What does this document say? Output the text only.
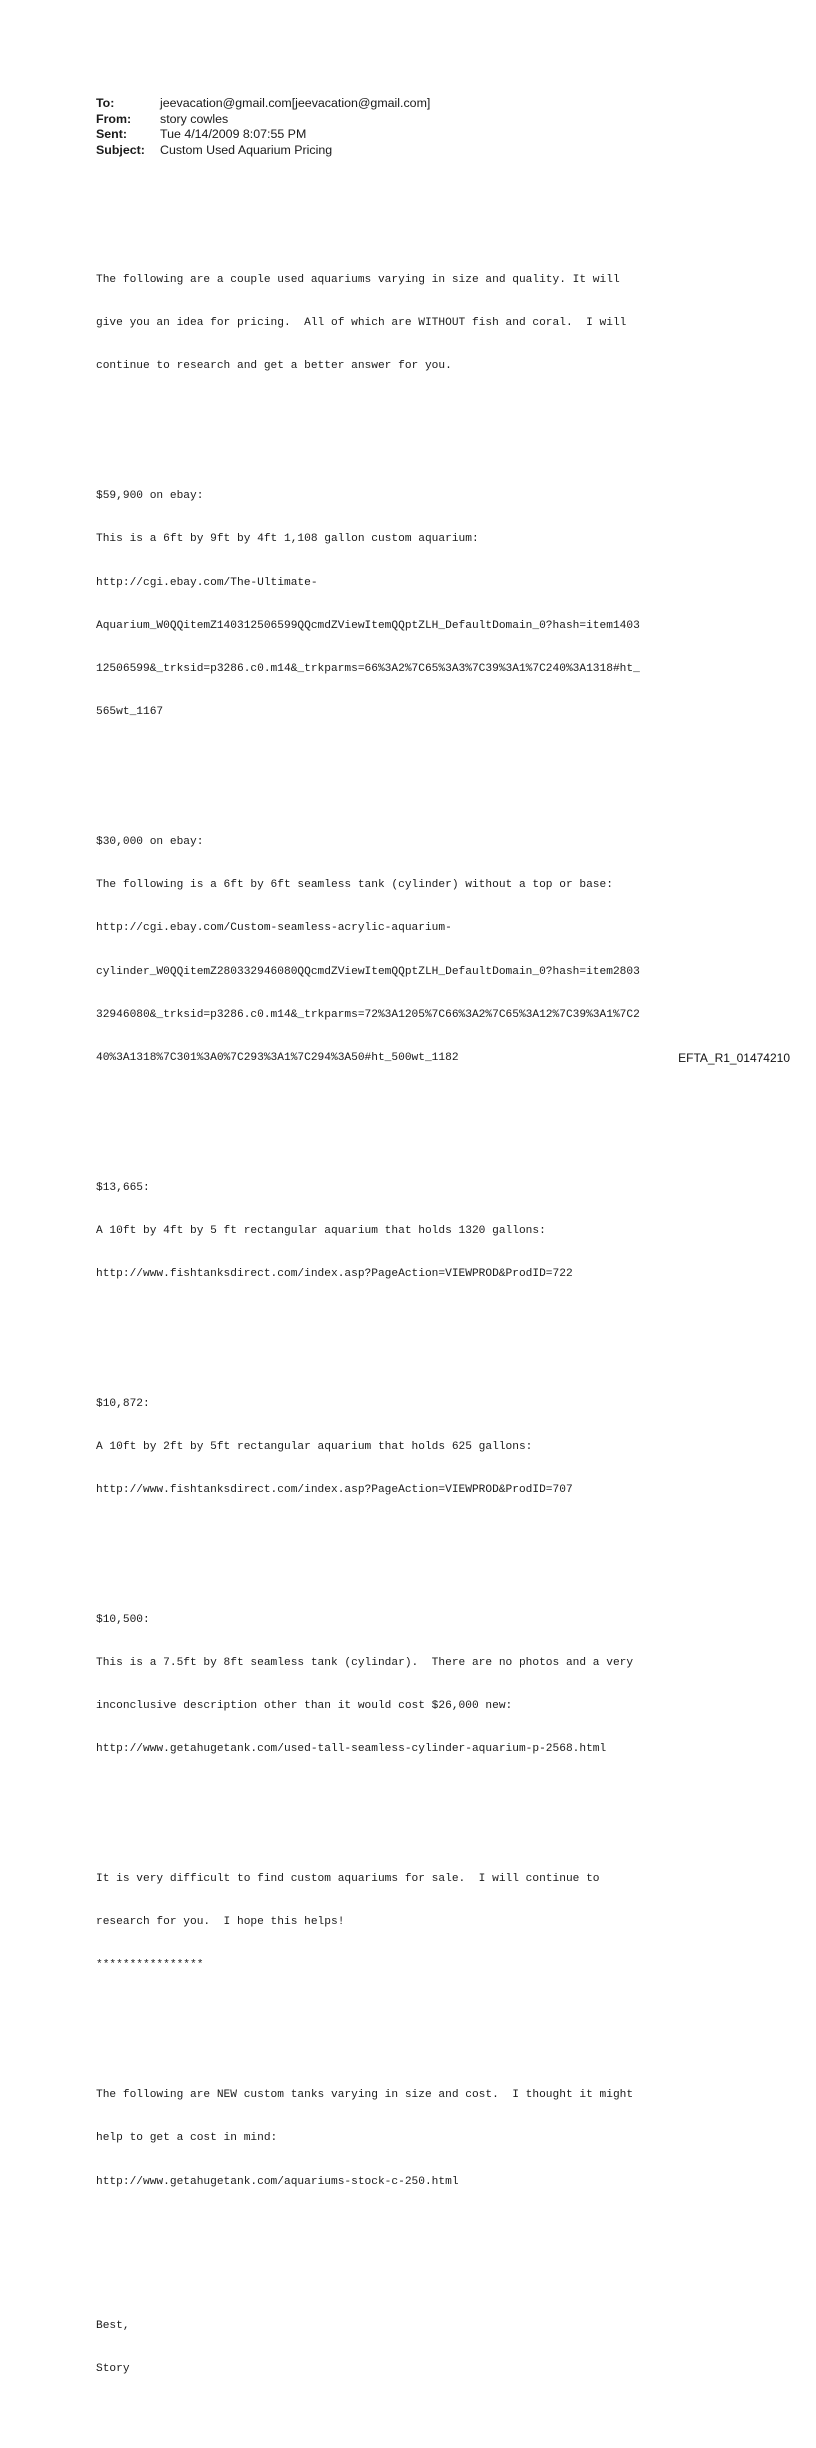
To:	jeevacation@gmail.com[jeevacation@gmail.com]
From:	story cowles
Sent:	Tue 4/14/2009 8:07:55 PM
Subject:	Custom Used Aquarium Pricing

The following are a couple used aquariums varying in size and quality. It will

give you an idea for pricing.  All of which are WITHOUT fish and coral.  I will

continue to research and get a better answer for you.

$59,900 on ebay:

This is a 6ft by 9ft by 4ft 1,108 gallon custom aquarium:

http://cgi.ebay.com/The-Ultimate-

Aquarium_W0QQitemZ140312506599QQcmdZViewItemQQptZLH_DefaultDomain_0?hash=item1403

12506599&_trksid=p3286.c0.m14&_trkparms=66%3A2%7C65%3A3%7C39%3A1%7C240%3A1318#ht_

565wt_1167

$30,000 on ebay:

The following is a 6ft by 6ft seamless tank (cylinder) without a top or base:

http://cgi.ebay.com/Custom-seamless-acrylic-aquarium-

cylinder_W0QQitemZ280332946080QQcmdZViewItemQQptZLH_DefaultDomain_0?hash=item2803

32946080&_trksid=p3286.c0.m14&_trkparms=72%3A1205%7C66%3A2%7C65%3A12%7C39%3A1%7C2

40%3A1318%7C301%3A0%7C293%3A1%7C294%3A50#ht_500wt_1182

$13,665:

A 10ft by 4ft by 5 ft rectangular aquarium that holds 1320 gallons:

http://www.fishtanksdirect.com/index.asp?PageAction=VIEWPROD&ProdID=722

$10,872:

A 10ft by 2ft by 5ft rectangular aquarium that holds 625 gallons:

http://www.fishtanksdirect.com/index.asp?PageAction=VIEWPROD&ProdID=707

$10,500:

This is a 7.5ft by 8ft seamless tank (cylindar).  There are no photos and a very

inconclusive description other than it would cost $26,000 new:

http://www.getahugetank.com/used-tall-seamless-cylinder-aquarium-p-2568.html

It is very difficult to find custom aquariums for sale.  I will continue to

research for you.  I hope this helps!

****************

The following are NEW custom tanks varying in size and cost.  I thought it might

help to get a cost in mind:

http://www.getahugetank.com/aquariums-stock-c-250.html

Best,

Story

EFTA_R1_01474210
